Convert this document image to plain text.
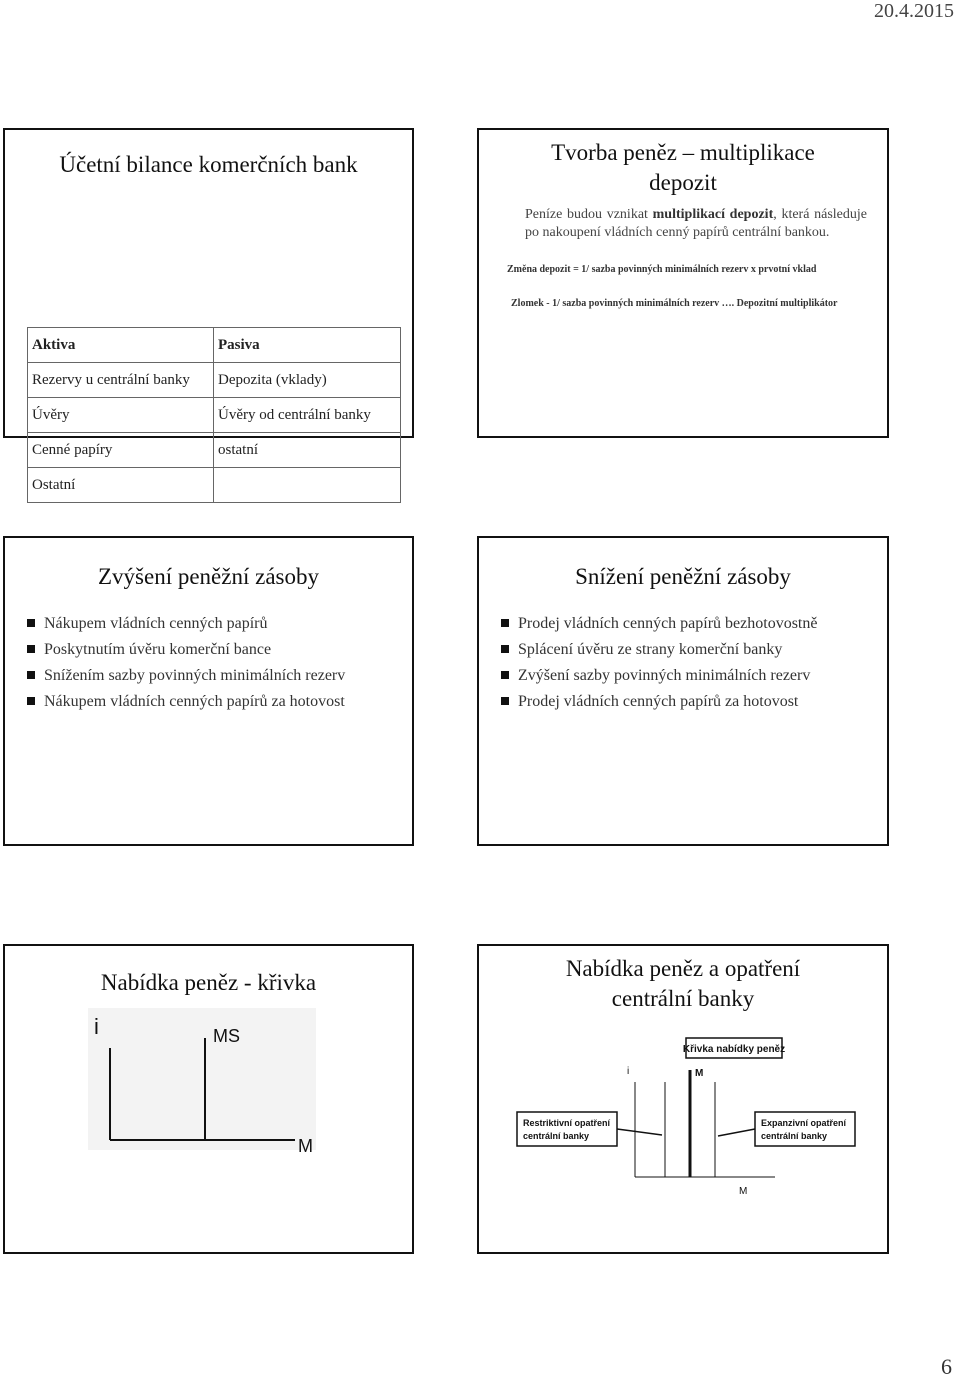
20.4.2015
Účetní bilance komerčních bank
Aktiva	Pasiva
Rezervy u centrální banky	Depozita (vklady)
Úvěry	Úvěry od centrální banky
Cenné papíry	ostatní
Ostatní	
Tvorba peněz – multiplikace
depozit
Peníze budou vznikat multiplikací depozit, která následuje po nakoupení vládních cenný papírů centrální bankou.
Změna depozit = 1/ sazba povinných minimálních rezerv x prvotní vklad
Zlomek - 1/ sazba povinných minimálních rezerv …. Depozitní multiplikátor
Zvýšení peněžní zásoby
Nákupem vládních cenných papírů
Poskytnutím úvěru komerční bance
Snížením sazby povinných minimálních rezerv
Nákupem vládních cenných papírů za hotovost
Snížení peněžní zásoby
Prodej vládních cenných papírů bezhotovostně
Splácení úvěru ze strany komerční banky
Zvýšení sazby povinných minimálních rezerv
Prodej vládních cenných papírů za hotovost
Nabídka peněz - křivka
i	MS
M
Nabídka peněz a opatření
centrální banky
Křivka nabídky peněz
i	M
M
Restriktivní opatření
centrální banky
Expanzivní opatření
centrální banky
6
